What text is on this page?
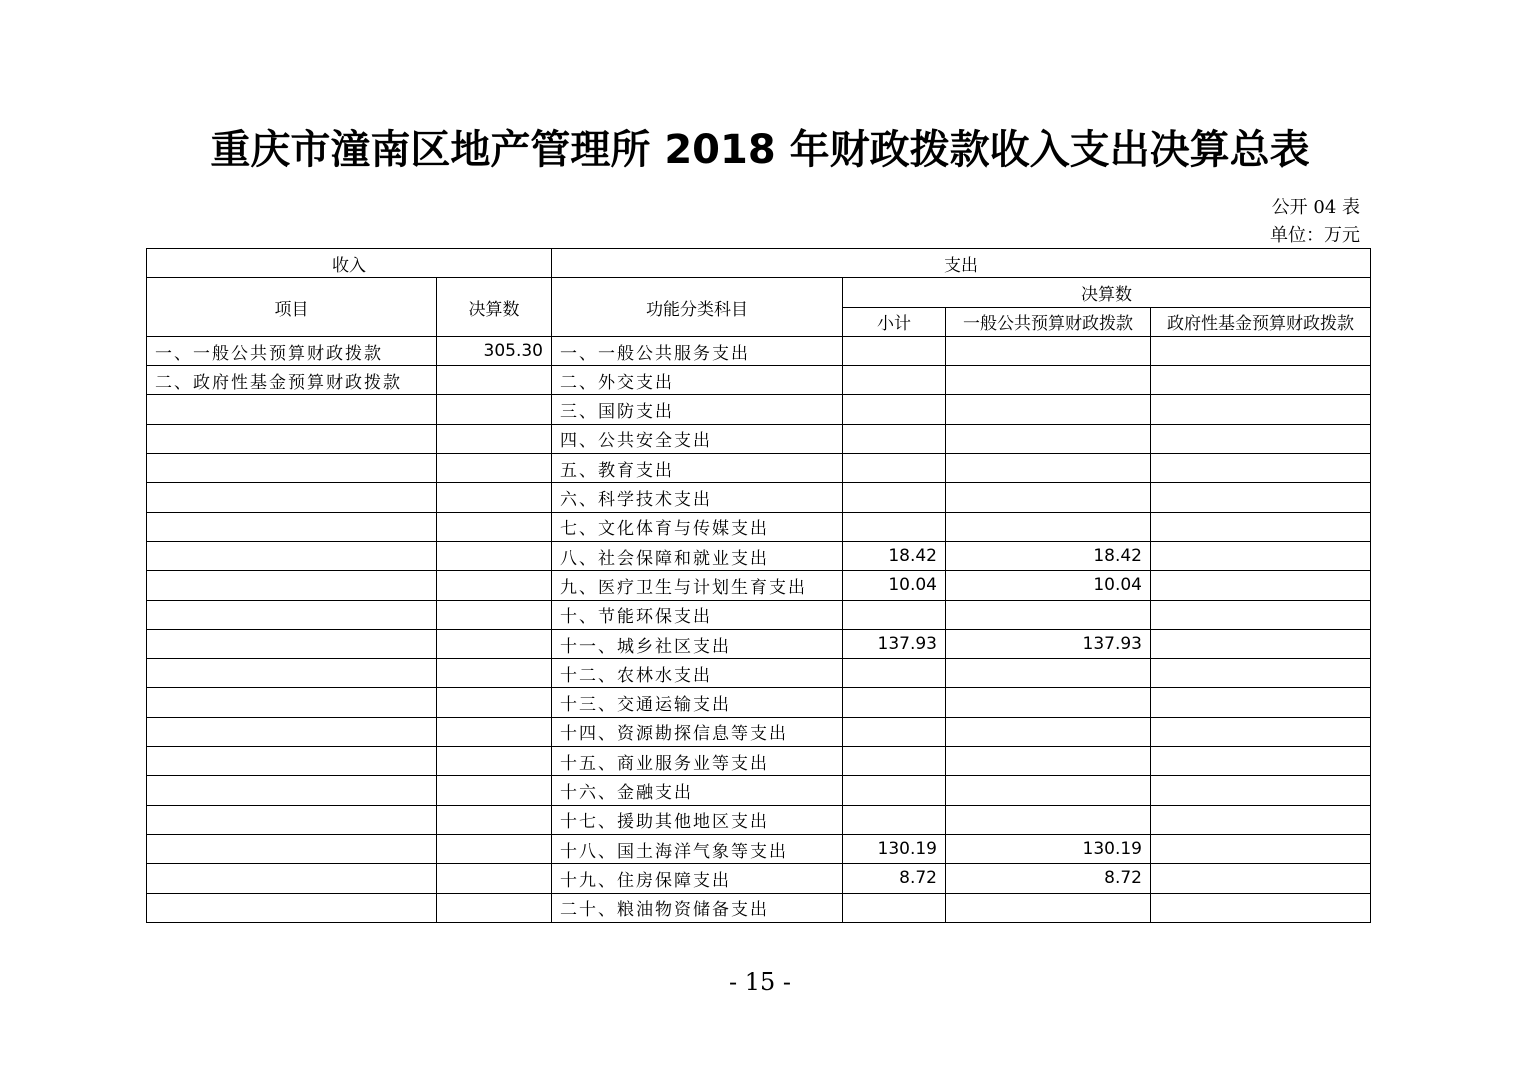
重庆市潼南区地产管理所 2018 年财政拨款收入支出决算总表
公开 04 表
单位：万元
收入		支出			
项目	决算数	功能分类科目	决算数		
			小计	一般公共预算财政拨款	政府性基金预算财政拨款
一、一般公共预算财政拨款	305.30	一、一般公共服务支出			
二、政府性基金预算财政拨款		二、外交支出			
		三、国防支出			
		四、公共安全支出			
		五、教育支出			
		六、科学技术支出			
		七、文化体育与传媒支出			
		八、社会保障和就业支出	18.42	18.42	
		九、医疗卫生与计划生育支出	10.04	10.04	
		十、节能环保支出			
		十一、城乡社区支出	137.93	137.93	
		十二、农林水支出			
		十三、交通运输支出			
		十四、资源勘探信息等支出			
		十五、商业服务业等支出			
		十六、金融支出			
		十七、援助其他地区支出			
		十八、国土海洋气象等支出	130.19	130.19	
		十九、住房保障支出	8.72	8.72	
		二十、粮油物资储备支出			
- 15 -
